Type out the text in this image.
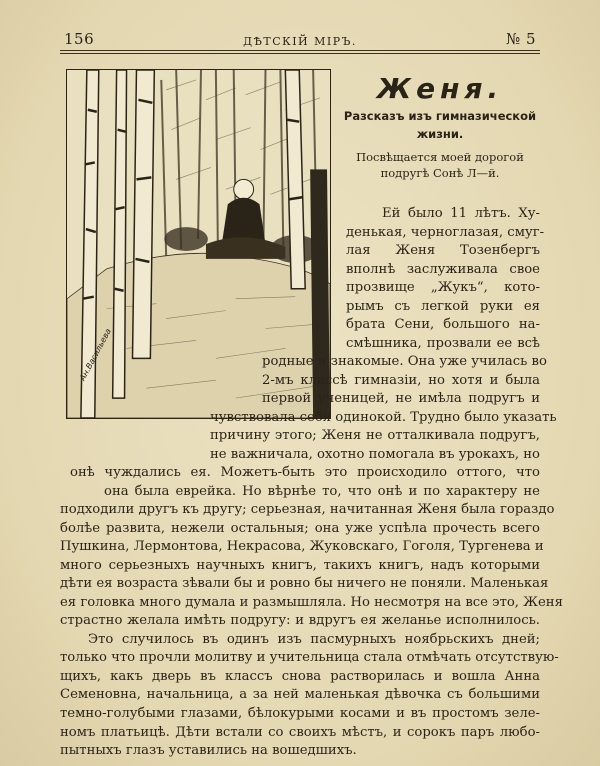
156	ДѢТСКІЙ МІРЪ.	№ 5
Ан.Васильева
Женя.
Разсказъ изъ гимназической
жизни.
Посвѣщается моей дорогой
подругѣ Сонѣ Л—й.
Ей было 11 лѣтъ. Ху-
денькая, черноглазая, смуг-
лая Женя Тозенбергъ
вполнѣ заслуживала свое
прозвище „Жукъ“, кото-
рымъ съ легкой руки ея
брата Сени, большого на-
смѣшника, прозвали ее всѣ
родные и знакомые. Она уже училась во
2-мъ классѣ гимназіи, но хотя и была
первой ученицей, не имѣла подругъ и
чувствовала себя одинокой. Трудно было указать
причину этого; Женя не отталкивала подругъ,
не важничала, охотно помогала въ урокахъ, но
онѣ чуждались ея. Можетъ-быть это происходило оттого, что
она была еврейка. Но вѣрнѣе то, что онѣ и по характеру не
подходили другъ къ другу; серьезная, начитанная Женя была гораздо
болѣе развита, нежели остальныя; она уже успѣла прочесть всего
Пушкина, Лермонтова, Некрасова, Жуковскаго, Гоголя, Тургенева и
много серьезныхъ научныхъ книгъ, такихъ книгъ, надъ которыми
дѣти ея возраста зѣвали бы и ровно бы ничего не поняли. Маленькая
ея головка много думала и размышляла. Но несмотря на все это, Женя
страстно желала имѣть подругу: и вдругъ ея желанье исполнилось.
Это случилось въ одинъ изъ пасмурныхъ ноябрьскихъ дней;
только что прочли молитву и учительница стала отмѣчать отсутствую-
щихъ, какъ дверь въ классъ снова растворилась и вошла Анна
Семеновна, начальница, а за ней маленькая дѣвочка съ большими
темно-голубыми глазами, бѣлокурыми косами и въ простомъ зеле-
номъ платьицѣ. Дѣти встали со своихъ мѣстъ, и сорокъ паръ любо-
пытныхъ глазъ уставились на вошедшихъ.
